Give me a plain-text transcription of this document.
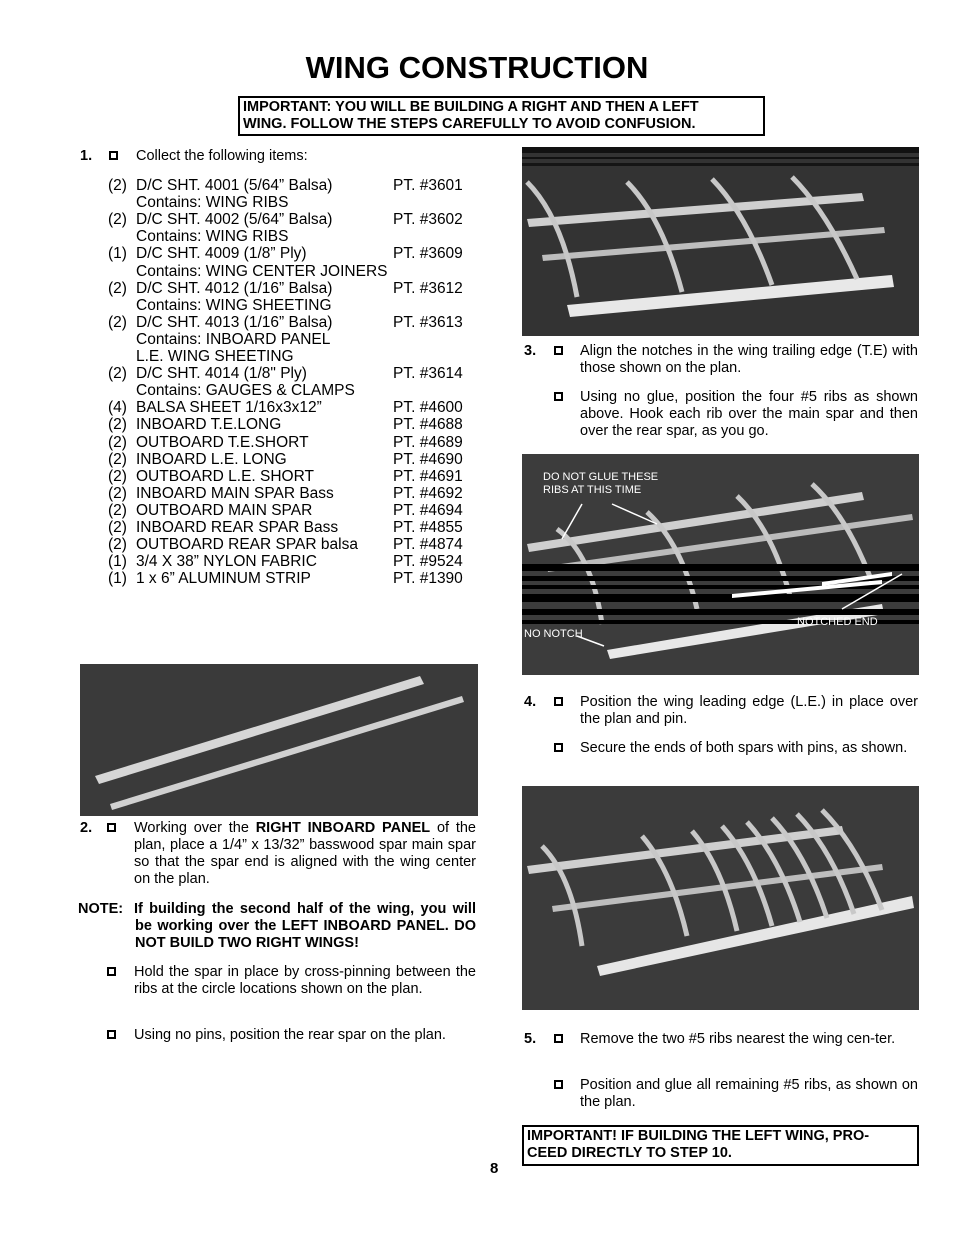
WING CONSTRUCTION
IMPORTANT: YOU WILL BE BUILDING A RIGHT AND THEN A LEFT
WING. FOLLOW THE STEPS CAREFULLY TO AVOID CONFUSION.
1.	Collect the following items:
(2) D/C SHT. 4001 (5/64” Balsa)	PT. #3601
Contains: WING RIBS
(2) D/C SHT. 4002 (5/64” Balsa)	PT. #3602
Contains: WING RIBS
(1) D/C SHT. 4009 (1/8” Ply)	PT. #3609
Contains: WING CENTER JOINERS
(2) D/C SHT. 4012 (1/16” Balsa)	PT. #3612
Contains: WING SHEETING
(2) D/C SHT. 4013 (1/16” Balsa)	PT. #3613
Contains: INBOARD PANEL
L.E. WING SHEETING
(2) D/C SHT. 4014 (1/8" Ply)	PT. #3614
Contains: GAUGES & CLAMPS
(4) BALSA SHEET 1/16x3x12”	PT. #4600
(2) INBOARD T.E.LONG	PT. #4688
(2) OUTBOARD T.E.SHORT	PT. #4689
(2) INBOARD L.E. LONG	PT. #4690
(2) OUTBOARD L.E. SHORT	PT. #4691
(2) INBOARD MAIN SPAR Bass	PT. #4692
(2) OUTBOARD MAIN SPAR	PT. #4694
(2) INBOARD REAR SPAR Bass	PT. #4855
(2) OUTBOARD REAR SPAR balsa PT. #4874
(1) 3/4 X 38” NYLON FABRIC	PT. #9524
(1) 1 x 6” ALUMINUM STRIP	PT. #1390
3.	Align the notches in the wing trailing edge (T.E) with those shown on the plan.
Using no glue, position the four #5 ribs as shown above. Hook each rib over the main spar and then over the rear spar, as you go.
DO NOT GLUE THESE
RIBS AT THIS TIME
NOTCHED END
NO NOTCH
2.	Working over the RIGHT INBOARD PANEL of the plan, place a 1/4” x 13/32” basswood spar main spar so that the spar end is aligned with the wing center on the plan.
NOTE: If building the second half of the wing, you will be working over the LEFT INBOARD PANEL. DO NOT BUILD TWO RIGHT WINGS!
Hold the spar in place by cross-pinning between the ribs at the circle locations shown on the plan.
Using no pins, position the rear spar on the plan.
4.	Position the wing leading edge (L.E.) in place over the plan and pin.
Secure the ends of both spars with pins, as shown.
5.	Remove the two #5 ribs nearest the wing cen-ter.
Position and glue all remaining #5 ribs, as shown on the plan.
IMPORTANT! IF BUILDING THE LEFT WING, PRO-
CEED DIRECTLY TO STEP 10.
8
